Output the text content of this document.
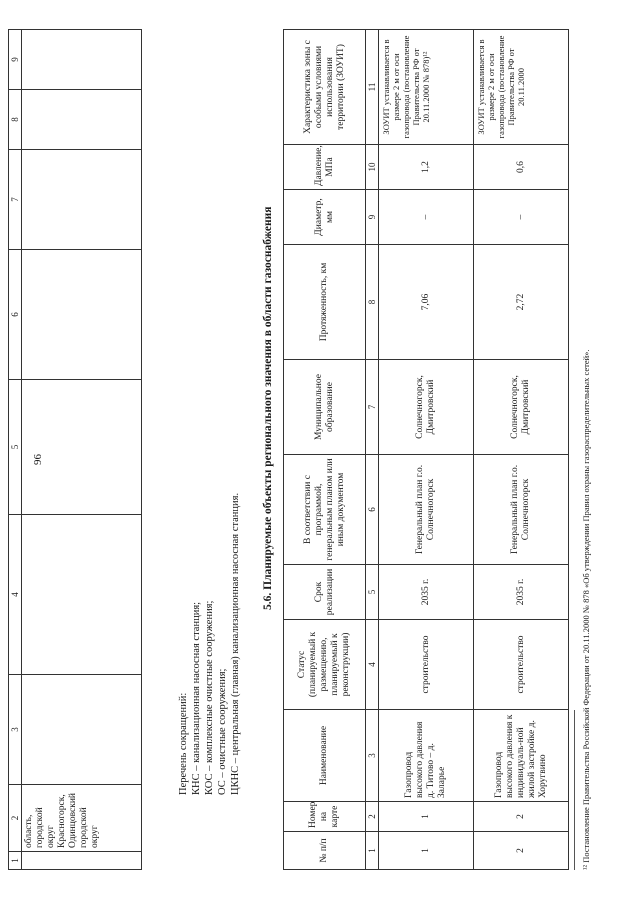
96
1	2	3	4	5	6	7	8	9
	область, городской округ Красногорск, Одинцовский городской округ							
Перечень сокращений: КНС – канализационная насосная станция; КОС – комплексные очистные сооружения; ОС – очистные сооружения; ЦКНС – центральная (главная) канализационная насосная станция.
5.6. Планируемые объекты регионального значения в области газоснабжения
№ п/п	Номер на карте	Наименование	Статус (планируемый к размещению, планируемый к реконструкции)	Срок реализации	В соответствии с программой, генеральным планом или иным документом	Муниципальное образование	Протяженность, км	Диаметр, мм	Давление, МПа	Характеристика зоны с особыми условиями использования территории (ЗОУИТ)
1	2	3	4	5	6	7	8	9	10	11
1	1	Газопровод высокого давления д. Титово – д. Заларье	строительство	2035 г.	Генеральный план г.о. Солнечногорск	Солнечногорск, Дмитровский	7,06	–	1,2	ЗОУИТ устанавливается в размере 2 м от оси газопровода (постановление Правительства РФ от 20.11.2000 № 878)¹²
2	2	Газопровод высокого давления к индивидуаль-ной жилой застройке д. Хоругвино	строительство	2035 г.	Генеральный план г.о. Солнечногорск	Солнечногорск, Дмитровский	2,72	–	0,6	ЗОУИТ устанавливается в размере 2 м от оси газопровода (постановление Правительства РФ от 20.11.2000
¹² Постановление Правительства Российской Федерации от 20.11.2000 № 878 «Об утверждении Правил охраны газораспределительных сетей».
